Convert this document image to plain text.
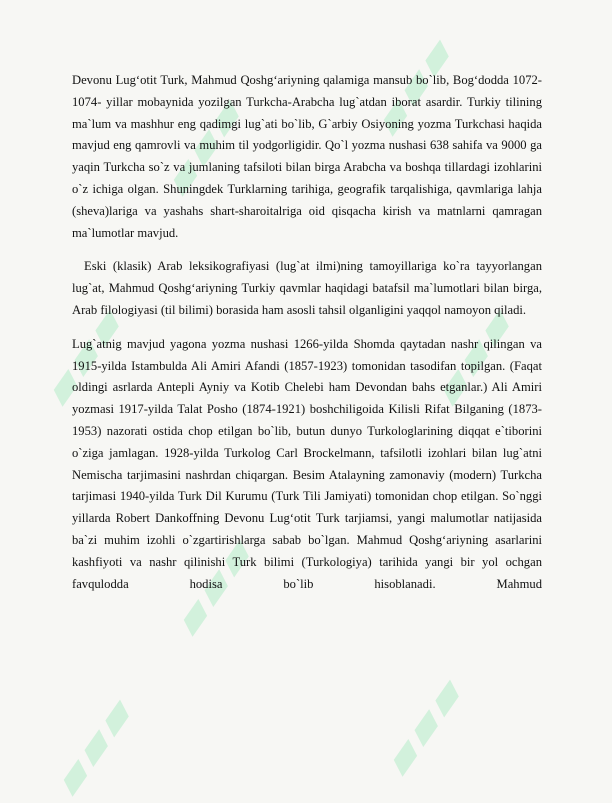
▰▰▰
▰▰▰
▰▰▰	▰▰▰
▰▰▰
▰▰▰
▰▰▰

Devonu Lug‘otit Turk, Mahmud Qoshg‘ariyning qalamiga mansub bo`lib, Bog‘dodda 1072-1074- yillar mobaynida yozilgan Turkcha-Arabcha lug`atdan iborat asardir. Turkiy tilining ma`lum va mashhur eng qadimgi lug`ati bo`lib, G`arbiy Osiyoning yozma Turkchasi haqida mavjud eng qamrovli va muhim til yodgorligidir. Qo`l yozma nushasi 638 sahifa va 9000 ga yaqin Turkcha so`z va jumlaning tafsiloti bilan birga Arabcha va boshqa tillardagi izohlarini o`z ichiga olgan. Shuningdek Turklarning tarihiga, geografik tarqalishiga, qavmlariga lahja (sheva)lariga va yashahs shart-sharoitalriga oid qisqacha kirish va matnlarni qamragan ma`lumotlar mavjud.

Eski (klasik) Arab leksikografiyasi (lug`at ilmi)ning tamoyillariga ko`ra tayyorlangan lug`at, Mahmud Qoshg‘ariyning Turkiy qavmlar haqidagi batafsil ma`lumotlari bilan birga, Arab filologiyasi (til bilimi) borasida ham asosli tahsil olganligini yaqqol namoyon qiladi.

Lug`atnig mavjud yagona yozma nushasi 1266-yilda Shomda qaytadan nashr qilingan va 1915-yilda Istambulda Ali Amiri Afandi (1857-1923) tomonidan tasodifan topilgan. (Faqat oldingi asrlarda Antepli Ayniy va Kotib Chelebi ham Devondan bahs etganlar.) Ali Amiri yozmasi 1917-yilda Talat Posho (1874-1921) boshchiligoida Kilisli Rifat Bilganing (1873-1953) nazorati ostida chop etilgan bo`lib, butun dunyo Turkologlarining diqqat e`tiborini o`ziga jamlagan. 1928-yilda Turkolog Carl Brockelmann, tafsilotli izohlari bilan lug`atni Nemischa tarjimasini nashrdan chiqargan. Besim Atalayning zamonaviy (modern) Turkcha tarjimasi 1940-yilda Turk Dil Kurumu (Turk Tili Jamiyati) tomonidan chop etilgan. So`nggi yillarda Robert Dankoffning Devonu Lug‘otit Turk tarjiamsi, yangi malumotlar natijasida ba`zi muhim izohli o`zgartirishlarga sabab bo`lgan. Mahmud Qoshg‘ariyning asarlarini kashfiyoti va nashr qilinishi Turk bilimi (Turkologiya) tarihida yangi bir yol ochgan favqulodda hodisa bo`lib hisoblanadi. Mahmud
